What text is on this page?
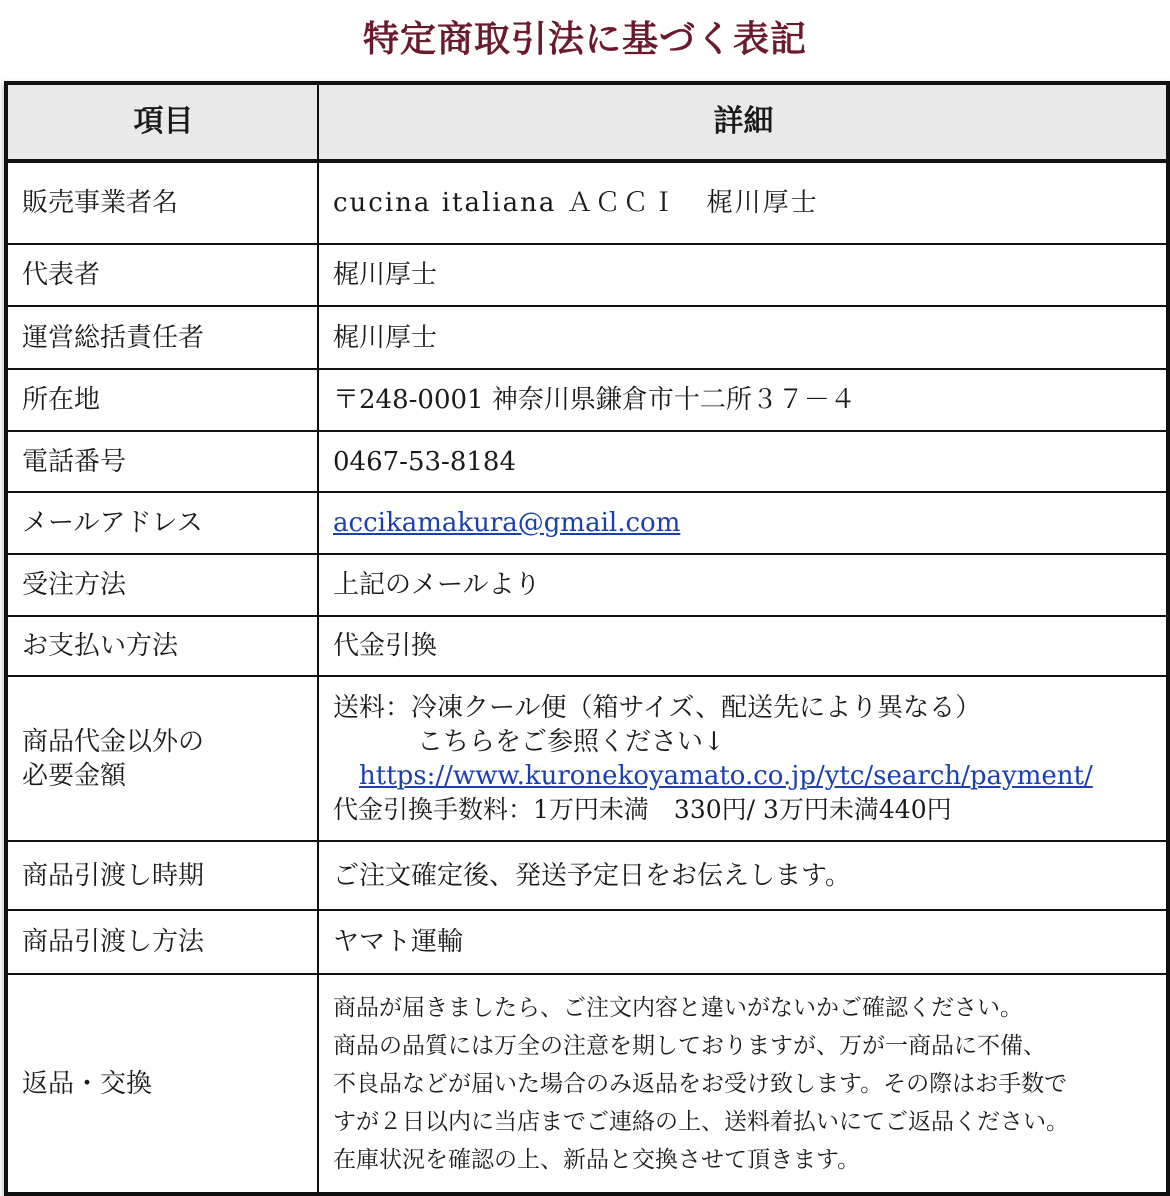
特定商取引法に基づく表記
項目	詳細
販売事業者名	cucina italiana ＡＣＣＩ　梶川厚士
代表者	梶川厚士
運営総括責任者	梶川厚士
所在地	〒248-0001 神奈川県鎌倉市十二所３７－４
電話番号	0467-53-8184
メールアドレス	accikamakura@gmail.com
受注方法	上記のメールより
お支払い方法	代金引換

商品代金以外の
必要金額	送料：冷凍クール便（箱サイズ、配送先により異なる）
こちらをご参照ください↓
https://www.kuronekoyamato.co.jp/ytc/search/payment/
代金引換手数料：1万円未満　330円/ 3万円未満440円

商品引渡し時期	ご注文確定後、発送予定日をお伝えします。
商品引渡し方法	ヤマト運輸
返品・交換	商品が届きましたら、ご注文内容と違いがないかご確認ください。
商品の品質には万全の注意を期しておりますが、万が一商品に不備、
不良品などが届いた場合のみ返品をお受け致します。その際はお手数で
すが２日以内に当店までご連絡の上、送料着払いにてご返品ください。
在庫状況を確認の上、新品と交換させて頂きます。
